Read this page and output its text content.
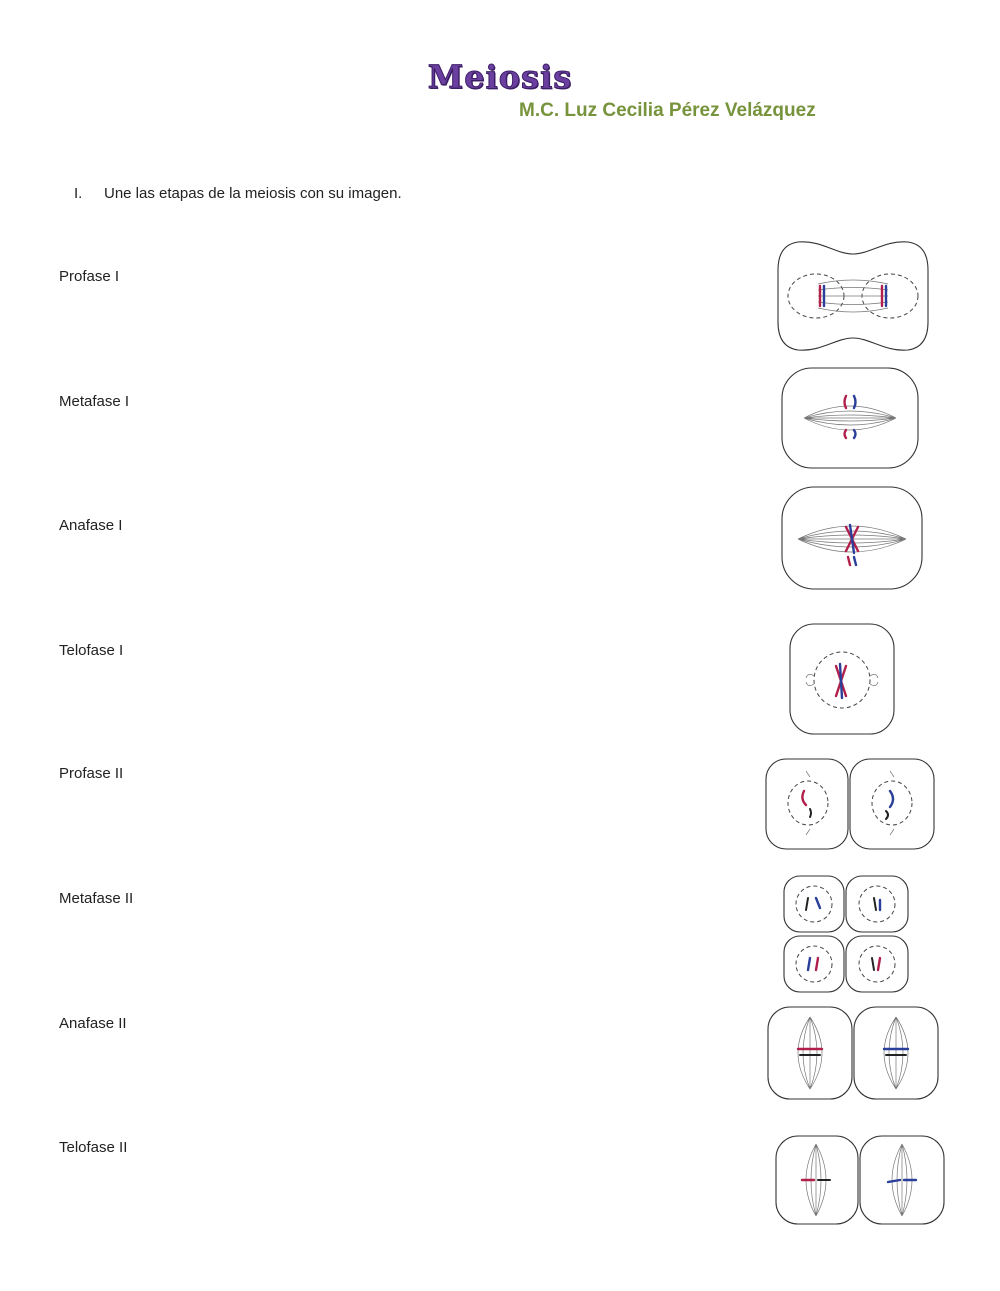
Meiosis
M.C. Luz Cecilia Pérez Velázquez
I. Une las etapas de la meiosis con su imagen.
Profase I
Metafase I
Anafase I
Telofase I
Profase II
Metafase II
Anafase II
Telofase II
